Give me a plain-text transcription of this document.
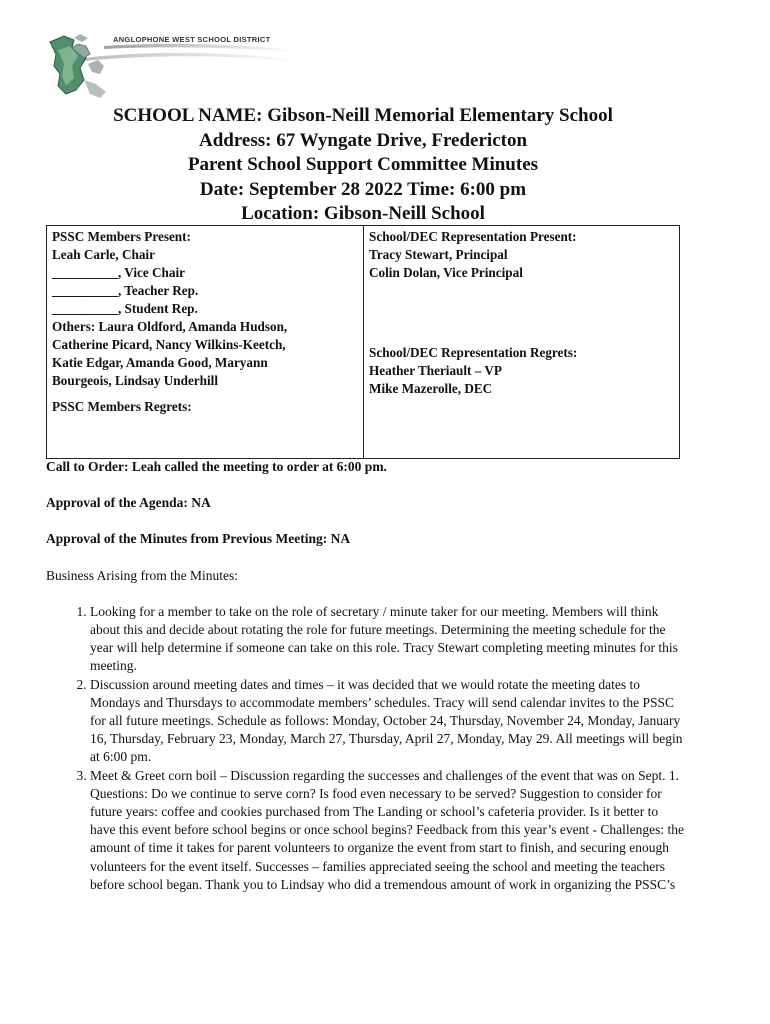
ANGLOPHONE WEST SCHOOL DISTRICT
SCHOOL NAME: Gibson-Neill Memorial Elementary School
Address: 67 Wyngate Drive, Fredericton
Parent School Support Committee Minutes
Date: September 28 2022 Time: 6:00 pm
Location: Gibson-Neill School
PSSC Members Present:
Leah Carle, Chair
__________, Vice Chair
__________, Teacher Rep.
__________, Student Rep.
Others: Laura Oldford, Amanda Hudson,
Catherine Picard, Nancy Wilkins-Keetch,
Katie Edgar, Amanda Good, Maryann
Bourgeois, Lindsay Underhill
PSSC Members Regrets:

School/DEC Representation Present:
Tracy Stewart, Principal
Colin Dolan, Vice Principal
School/DEC Representation Regrets:
Heather Theriault – VP
Mike Mazerolle, DEC

Call to Order: Leah called the meeting to order at 6:00 pm.

Approval of the Agenda: NA

Approval of the Minutes from Previous Meeting: NA

Business Arising from the Minutes:

1. Looking for a member to take on the role of secretary / minute taker for our meeting. Members will think about this and decide about rotating the role for future meetings. Determining the meeting schedule for the year will help determine if someone can take on this role. Tracy Stewart completing meeting minutes for this meeting.
2. Discussion around meeting dates and times – it was decided that we would rotate the meeting dates to Mondays and Thursdays to accommodate members’ schedules. Tracy will send calendar invites to the PSSC for all future meetings. Schedule as follows: Monday, October 24, Thursday, November 24, Monday, January 16, Thursday, February 23, Monday, March 27, Thursday, April 27, Monday, May 29. All meetings will begin at 6:00 pm.
3. Meet & Greet corn boil – Discussion regarding the successes and challenges of the event that was on Sept. 1. Questions: Do we continue to serve corn? Is food even necessary to be served? Suggestion to consider for future years: coffee and cookies purchased from The Landing or school’s cafeteria provider. Is it better to have this event before school begins or once school begins? Feedback from this year’s event - Challenges: the amount of time it takes for parent volunteers to organize the event from start to finish, and securing enough volunteers for the event itself. Successes – families appreciated seeing the school and meeting the teachers before school began. Thank you to Lindsay who did a tremendous amount of work in organizing the PSSC’s
